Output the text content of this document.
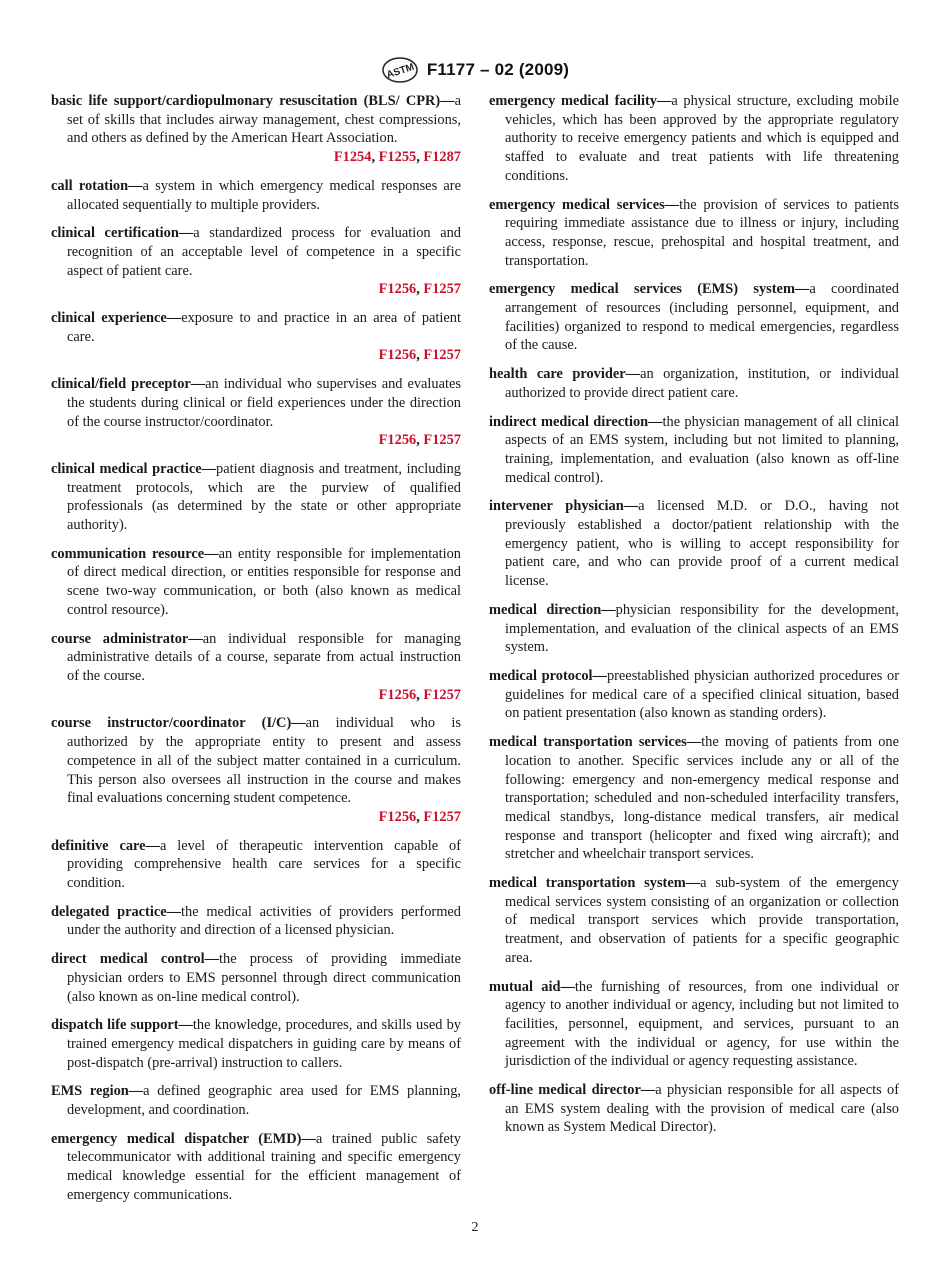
ASTM F1177 – 02 (2009)

basic life support/cardiopulmonary resuscitation (BLS/ CPR)—a set of skills that includes airway management, chest compressions, and others as defined by the American Heart Association.
F1254, F1255, F1287

call rotation—a system in which emergency medical responses are allocated sequentially to multiple providers.

clinical certification—a standardized process for evaluation and recognition of an acceptable level of competence in a specific aspect of patient care.
F1256, F1257

clinical experience—exposure to and practice in an area of patient care.
F1256, F1257

clinical/field preceptor—an individual who supervises and evaluates the students during clinical or field experiences under the direction of the course instructor/coordinator.
F1256, F1257

clinical medical practice—patient diagnosis and treatment, including treatment protocols, which are the purview of qualified professionals (as determined by the state or other appropriate authority).

communication resource—an entity responsible for implementation of direct medical direction, or entities responsible for response and scene two-way communication, or both (also known as medical control resource).

course administrator—an individual responsible for managing administrative details of a course, separate from actual instruction of the course.
F1256, F1257

course instructor/coordinator (I/C)—an individual who is authorized by the appropriate entity to present and assess competence in all of the subject matter contained in a curriculum. This person also oversees all instruction in the course and makes final evaluations concerning student competence.
F1256, F1257

definitive care—a level of therapeutic intervention capable of providing comprehensive health care services for a specific condition.

delegated practice—the medical activities of providers performed under the authority and direction of a licensed physician.

direct medical control—the process of providing immediate physician orders to EMS personnel through direct communication (also known as on-line medical control).

dispatch life support—the knowledge, procedures, and skills used by trained emergency medical dispatchers in guiding care by means of post-dispatch (pre-arrival) instruction to callers.

EMS region—a defined geographic area used for EMS planning, development, and coordination.

emergency medical dispatcher (EMD)—a trained public safety telecommunicator with additional training and specific emergency medical knowledge essential for the efficient management of emergency communications.

emergency medical facility—a physical structure, excluding mobile vehicles, which has been approved by the appropriate regulatory authority to receive emergency patients and which is equipped and staffed to evaluate and treat patients with life threatening conditions.

emergency medical services—the provision of services to patients requiring immediate assistance due to illness or injury, including access, response, rescue, prehospital and hospital treatment, and transportation.

emergency medical services (EMS) system—a coordinated arrangement of resources (including personnel, equipment, and facilities) organized to respond to medical emergencies, regardless of the cause.

health care provider—an organization, institution, or individual authorized to provide direct patient care.

indirect medical direction—the physician management of all clinical aspects of an EMS system, including but not limited to planning, training, implementation, and evaluation (also known as off-line medical control).

intervener physician—a licensed M.D. or D.O., having not previously established a doctor/patient relationship with the emergency patient, who is willing to accept responsibility for patient care, and who can provide proof of a current medical license.

medical direction—physician responsibility for the development, implementation, and evaluation of the clinical aspects of an EMS system.

medical protocol—preestablished physician authorized procedures or guidelines for medical care of a specified clinical situation, based on patient presentation (also known as standing orders).

medical transportation services—the moving of patients from one location to another. Specific services include any or all of the following: emergency and non-emergency medical response and transportation; scheduled and non-scheduled interfacility transfers, medical standbys, long-distance medical transfers, air medical response and transport (helicopter and fixed wing aircraft); and stretcher and wheelchair transport services.

medical transportation system—a sub-system of the emergency medical services system consisting of an organization or collection of medical transport services which provide transportation, treatment, and observation of patients for a specific geographic area.

mutual aid—the furnishing of resources, from one individual or agency to another individual or agency, including but not limited to facilities, personnel, equipment, and services, pursuant to an agreement with the individual or agency, for use within the jurisdiction of the individual or agency requesting assistance.

off-line medical director—a physician responsible for all aspects of an EMS system dealing with the provision of medical care (also known as System Medical Director).

2
